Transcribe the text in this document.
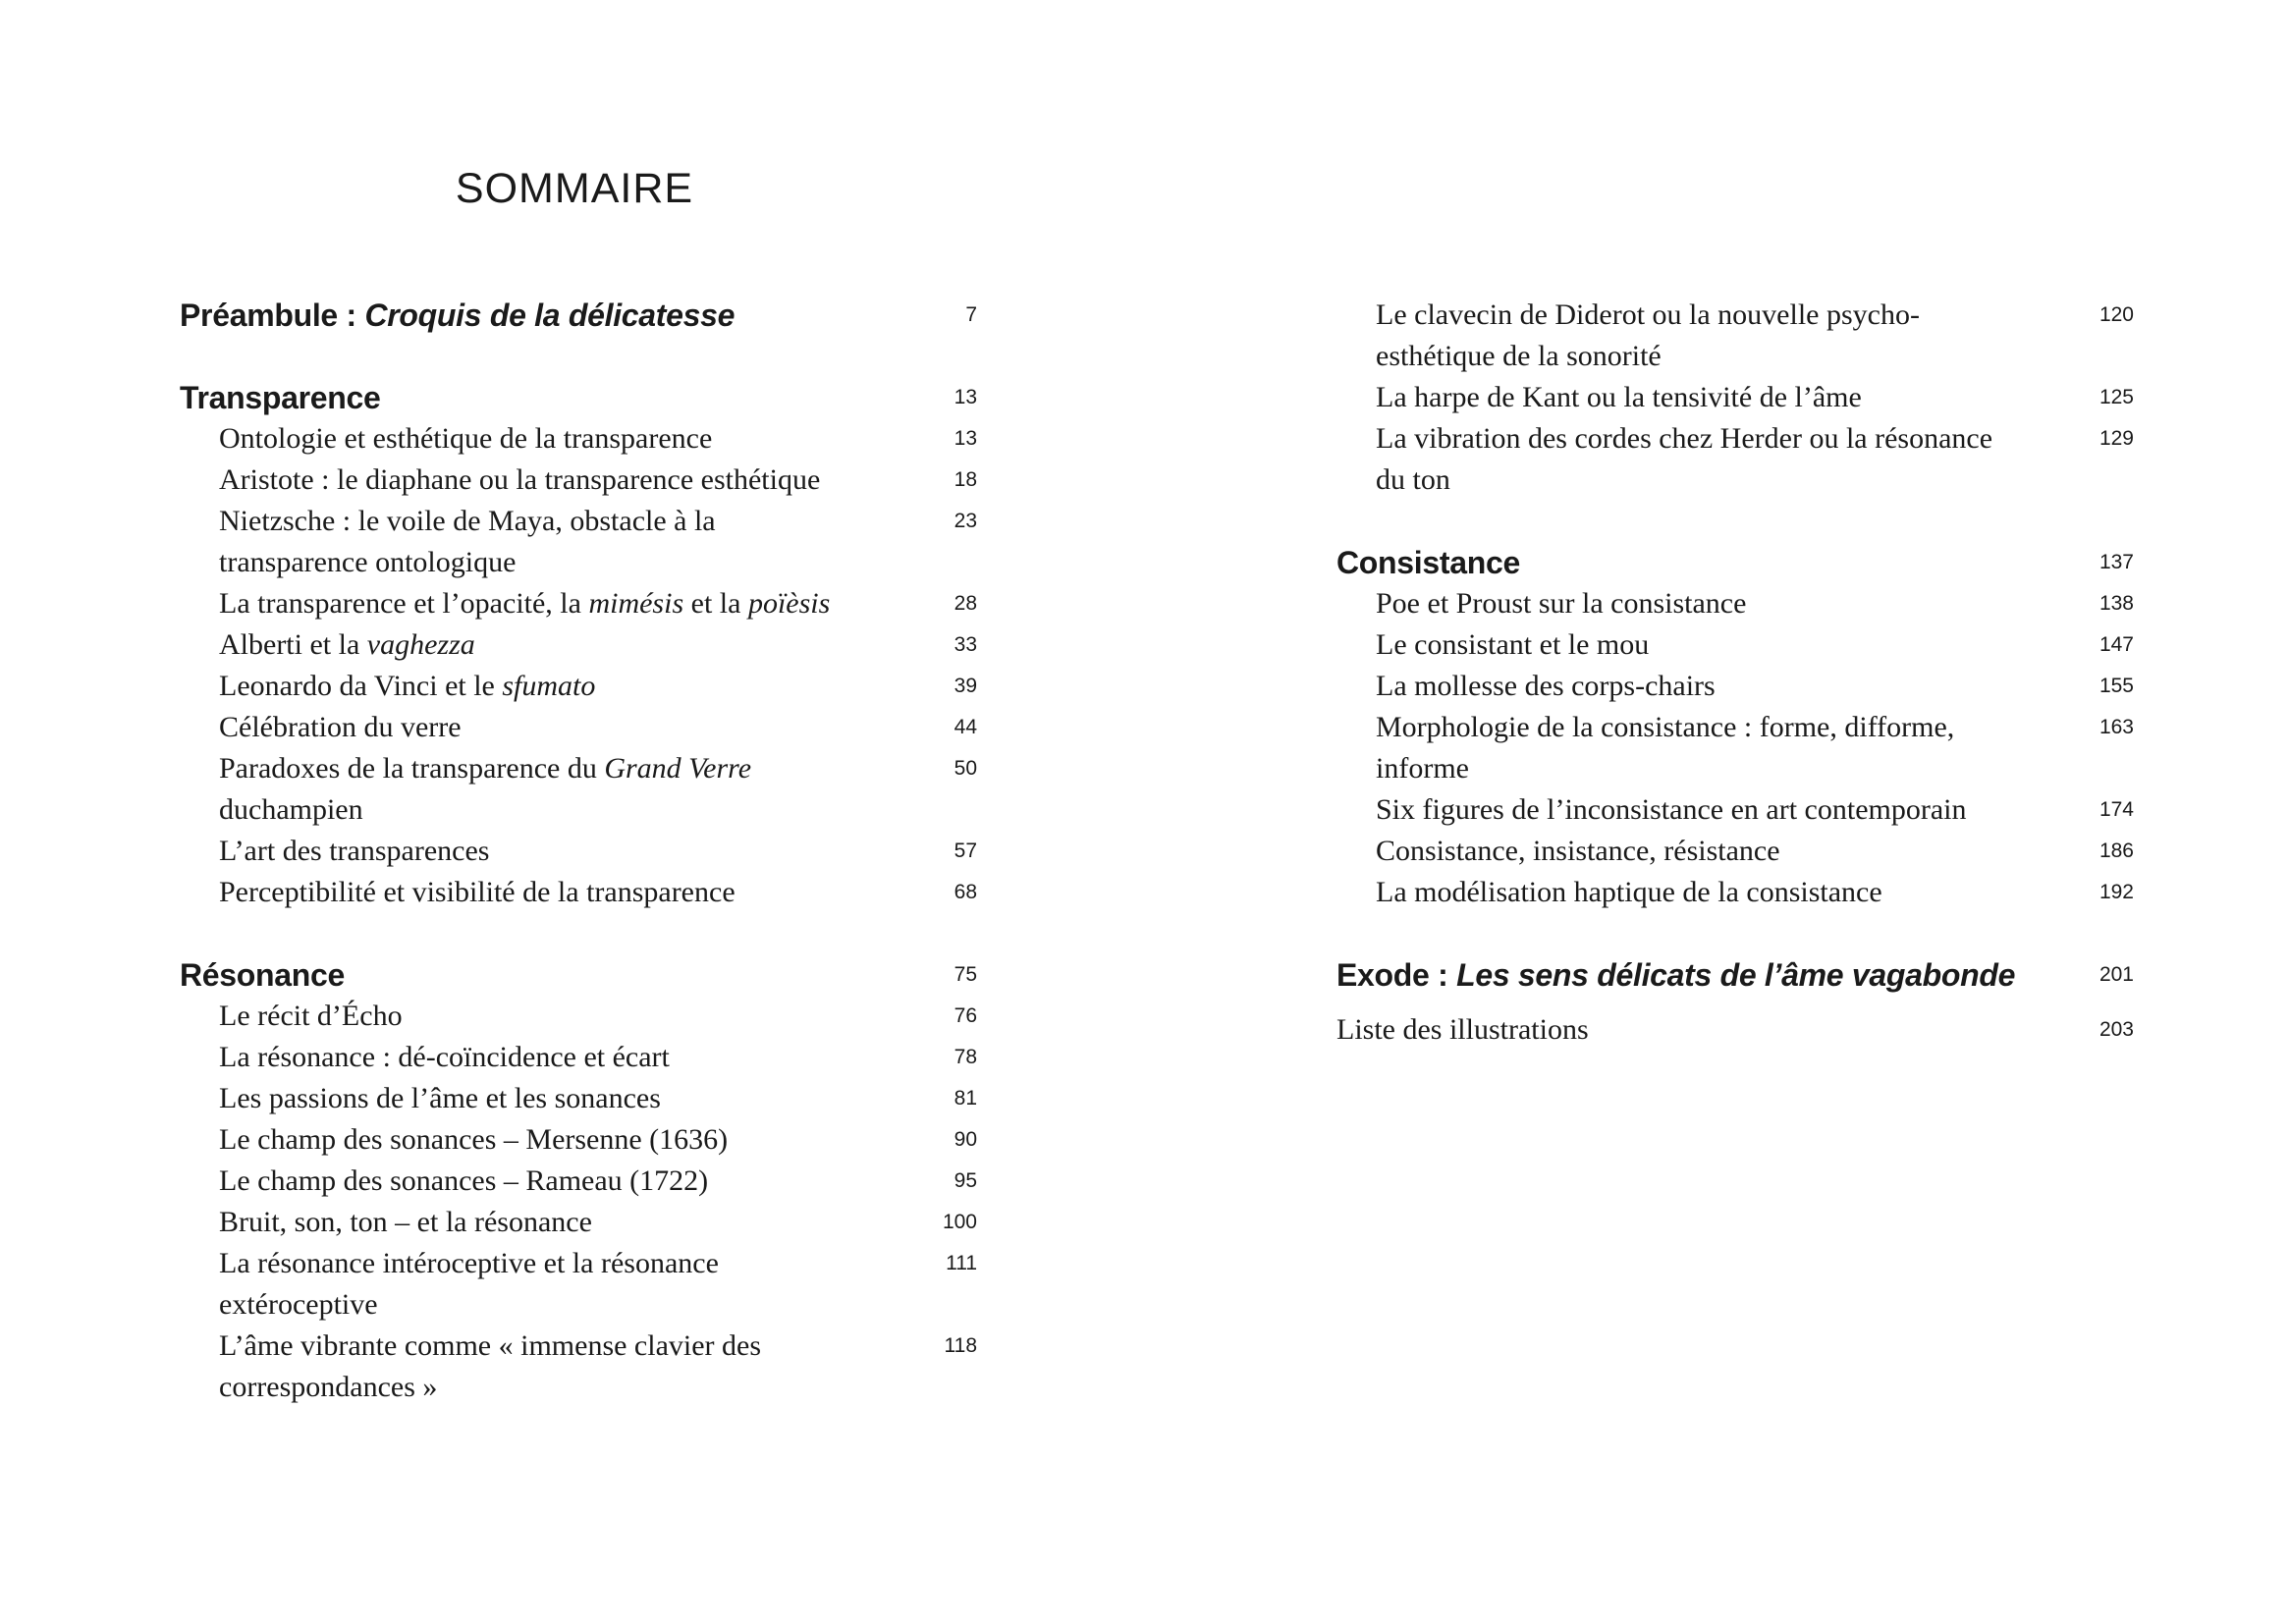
SOMMAIRE
Préambule : Croquis de la délicatesse	7
Transparence	13
Ontologie et esthétique de la transparence	13
Aristote : le diaphane ou la transparence esthétique	18
Nietzsche : le voile de Maya, obstacle à la transparence ontologique
23
La transparence et l’opacité, la mimésis et la poïèsis	28
Alberti et la vaghezza	33
Leonardo da Vinci et le sfumato	39
Célébration du verre	44
Paradoxes de la transparence du Grand Verre duchampien
50
L’art des transparences	57
Perceptibilité et visibilité de la transparence	68
Résonance	75
Le récit d’Écho	76
La résonance : dé-coïncidence et écart	78
Les passions de l’âme et les sonances	81
Le champ des sonances – Mersenne (1636)	90
Le champ des sonances – Rameau (1722)	95
Bruit, son, ton – et la résonance	100
La résonance intéroceptive et la résonance extéroceptive
111
L’âme vibrante comme « immense clavier des correspondances »
118
Le clavecin de Diderot ou la nouvelle psycho-esthétique de la sonorité
120
La harpe de Kant ou la tensivité de l’âme	125
La vibration des cordes chez Herder ou la résonance du ton
129
Consistance	137
Poe et Proust sur la consistance	138
Le consistant et le mou	147
La mollesse des corps-chairs	155
Morphologie de la consistance : forme, difforme, informe
163
Six figures de l’inconsistance en art contemporain	174
Consistance, insistance, résistance	186
La modélisation haptique de la consistance	192
Exode : Les sens délicats de l’âme vagabonde	201
Liste des illustrations	203
